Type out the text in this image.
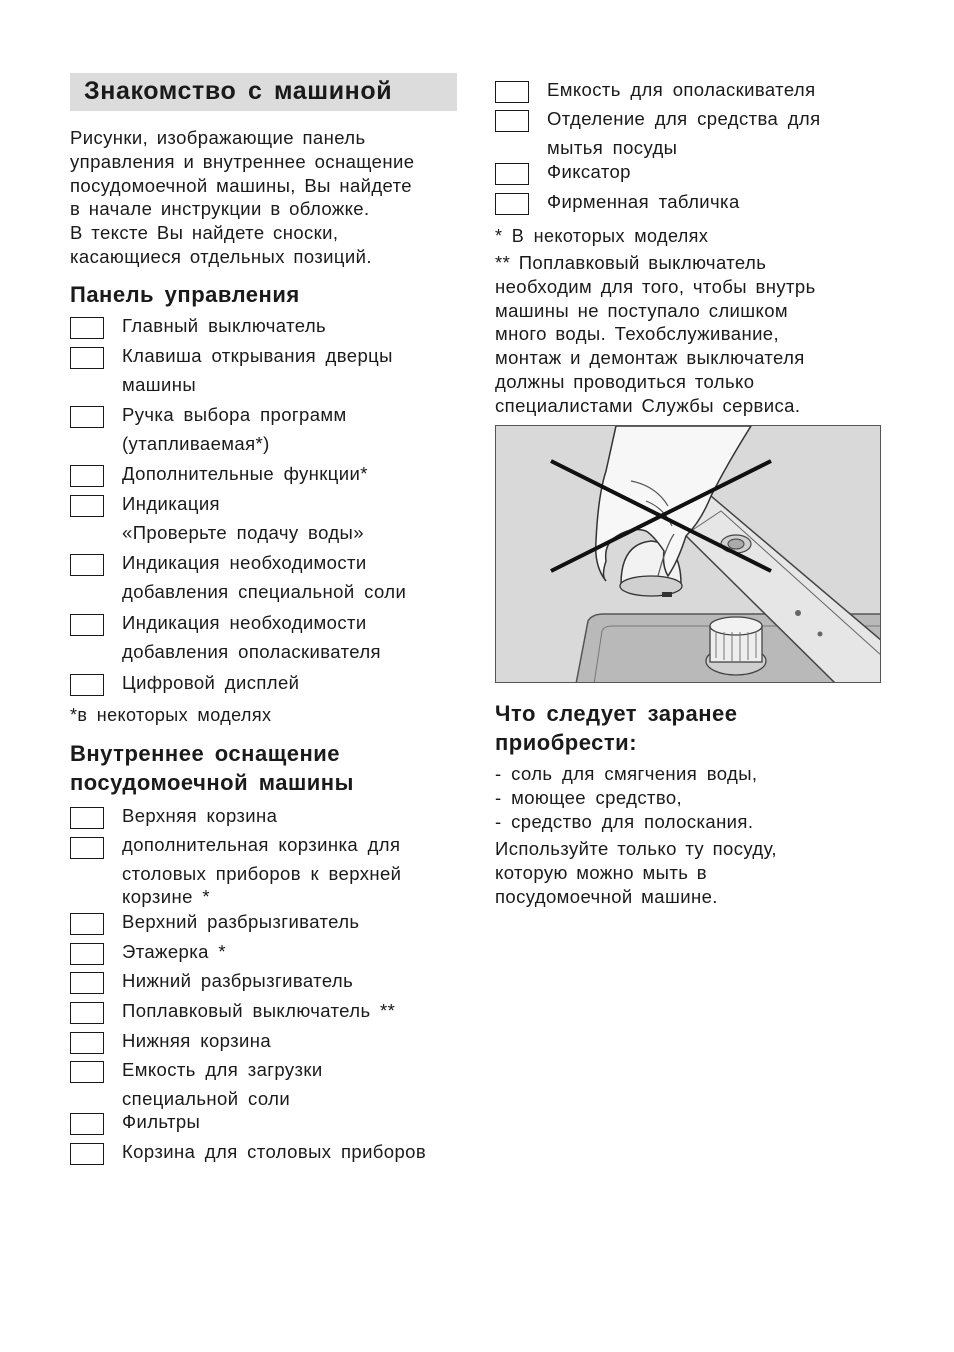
Знакомство с машиной
Рисунки, изображающие панель
управления и внутреннее оснащение
посудомоечной машины, Вы найдете
в начале инструкции в обложке.
В тексте Вы найдете сноски,
касающиеся отдельных позиций.
Панель управления
Главный выключатель
Клавиша открывания дверцы
машины
Ручка выбора программ
(утапливаемая*)
Дополнительные функции*
Индикация
«Проверьте подачу воды»
Индикация необходимости
добавления специальной соли
Индикация необходимости
добавления ополаскивателя
Цифровой дисплей
*в некоторых моделях
Внутреннее оснащение
посудомоечной машины
Верхняя корзина
дополнительная корзинка для
столовых приборов к верхней
корзине *
Верхний разбрызгиватель
Этажерка *
Нижний разбрызгиватель
Поплавковый выключатель **
Нижняя корзина
Емкость для загрузки
специальной соли
Фильтры
Корзина для столовых приборов
Емкость для ополаскивателя
Отделение для средства для
мытья посуды
Фиксатор
Фирменная табличка
* В некоторых моделях
** Поплавковый выключатель
необходим для того, чтобы внутрь
машины не поступало слишком
много воды. Техобслуживание,
монтаж и демонтаж выключателя
должны проводиться только
специалистами Службы сервиса.
Что следует заранее
приобрести:
- соль для смягчения воды,
- моющее средство,
- средство для полоскания.
Используйте только ту посуду,
которую можно мыть в
посудомоечной машине.
